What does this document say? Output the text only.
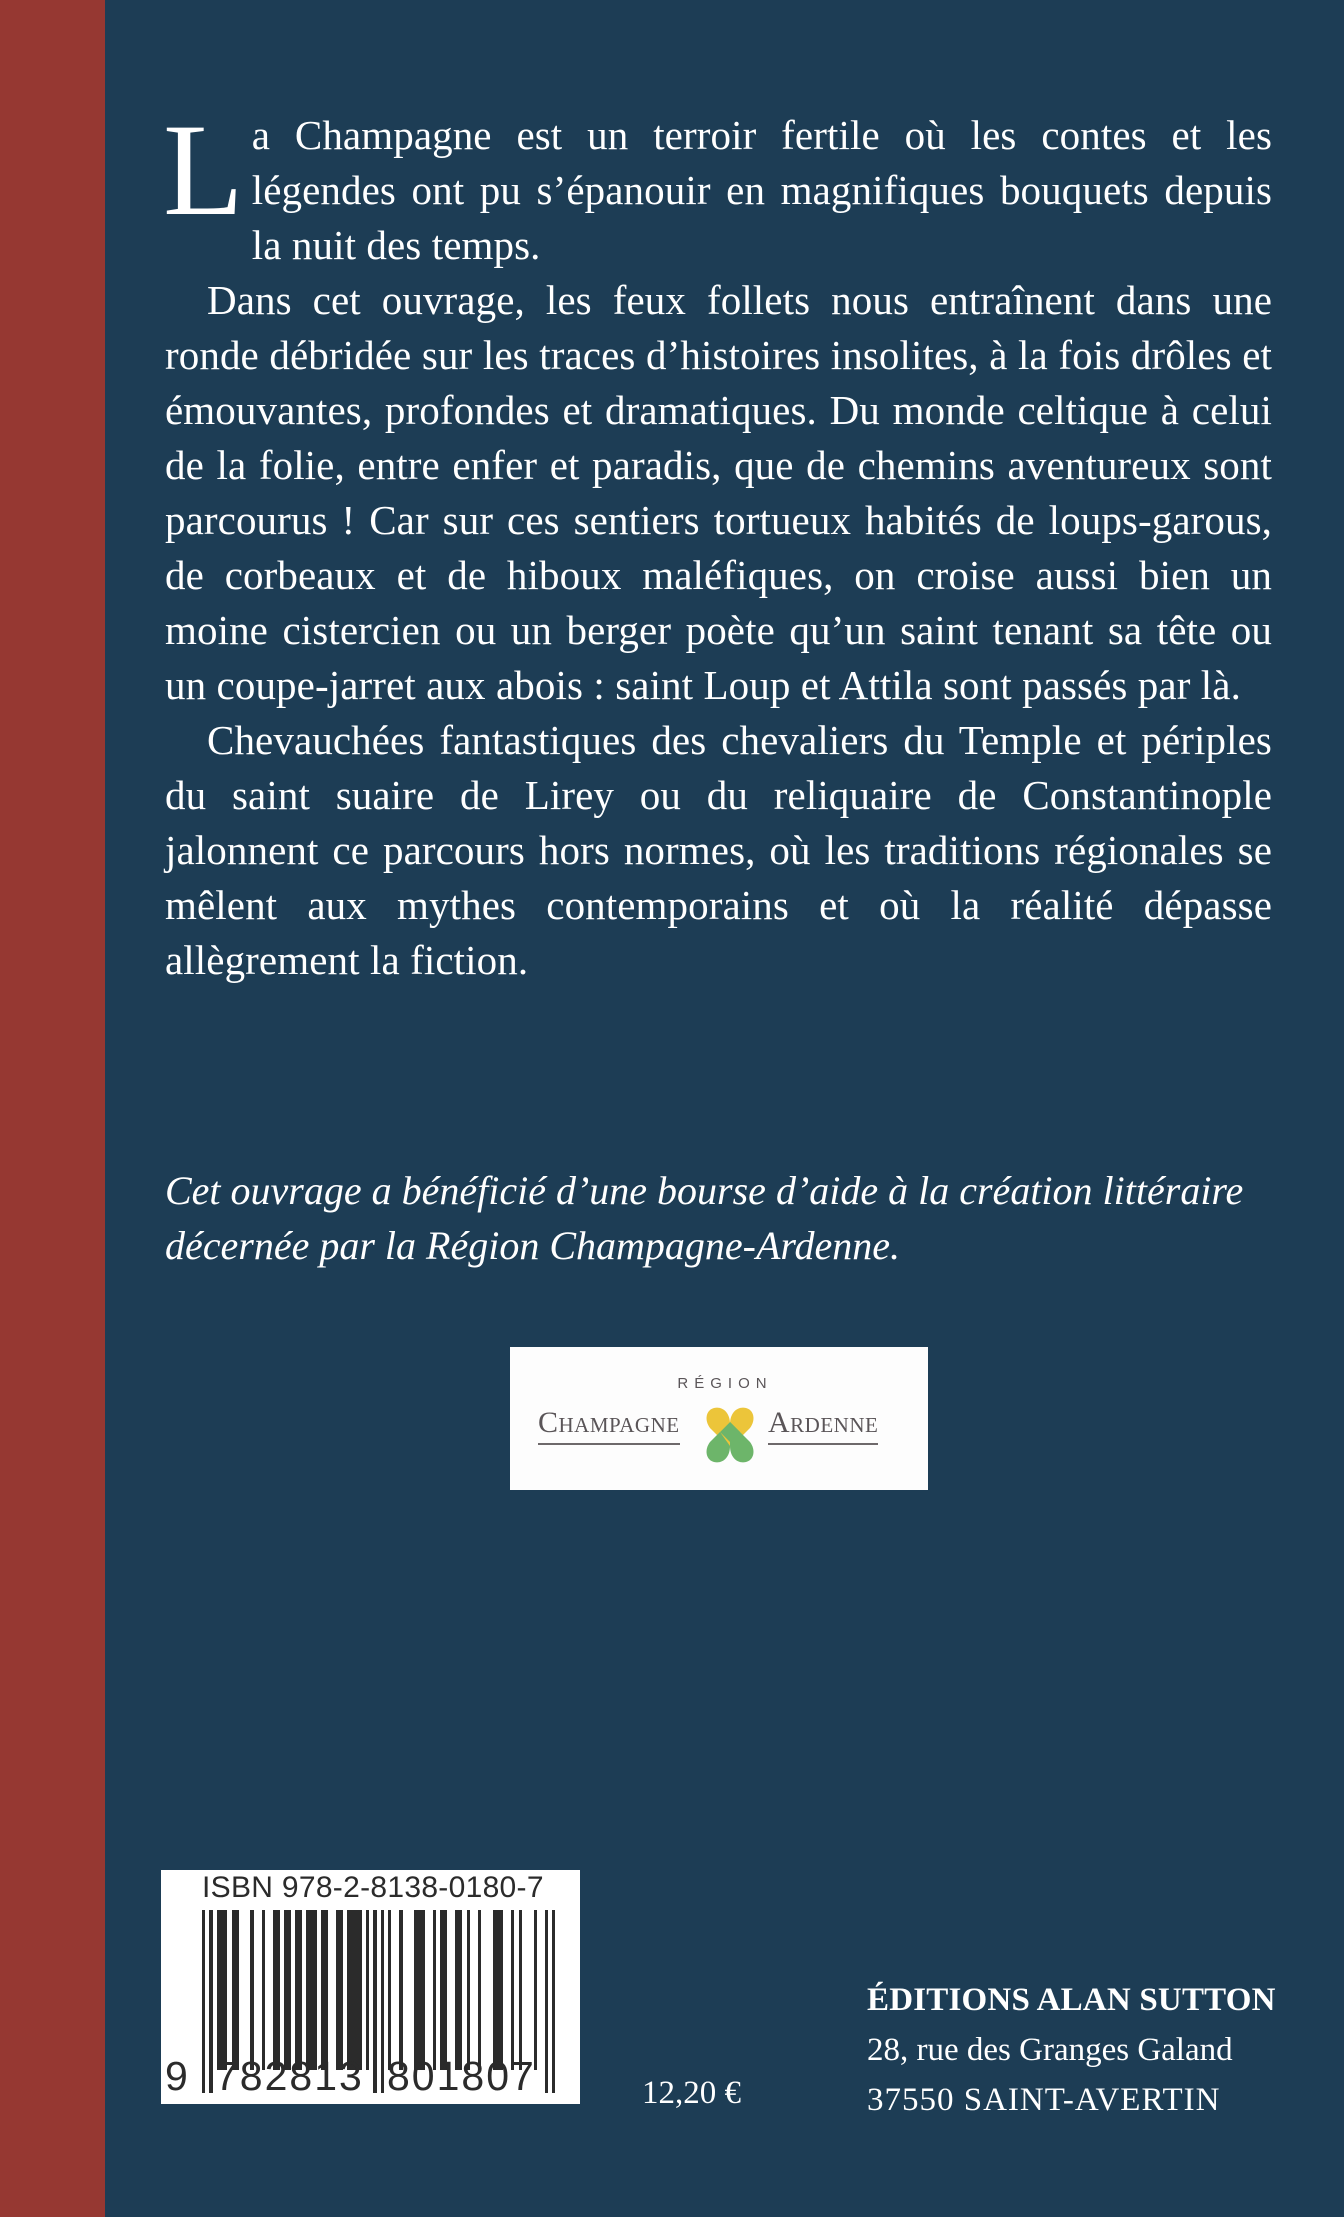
La Champagne est un terroir fertile où les contes et les légendes ont pu s’épanouir en magnifiques bouquets depuis la nuit des temps.

Dans cet ouvrage, les feux follets nous entraînent dans une ronde débridée sur les traces d’histoires insolites, à la fois drôles et émouvantes, profondes et dramatiques. Du monde celtique à celui de la folie, entre enfer et paradis, que de chemins aventureux sont parcourus ! Car sur ces sentiers tortueux habités de loups-garous, de corbeaux et de hiboux maléfiques, on croise aussi bien un moine cistercien ou un berger poète qu’un saint tenant sa tête ou un coupe-jarret aux abois : saint Loup et Attila sont passés par là.

Chevauchées fantastiques des chevaliers du Temple et périples du saint suaire de Lirey ou du reliquaire de Constantinople jalonnent ce parcours hors normes, où les traditions régionales se mêlent aux mythes contemporains et où la réalité dépasse allègrement la fiction.

Cet ouvrage a bénéficié d’une bourse d’aide à la création littéraire
décernée par la Région Champagne-Ardenne.
RÉGION
Champagne	Ardenne
ISBN 978-2-8138-0180-7
9 782813 801807	12,20 €
ÉDITIONS ALAN SUTTON
28, rue des Granges Galand
37550 SAINT-AVERTIN
